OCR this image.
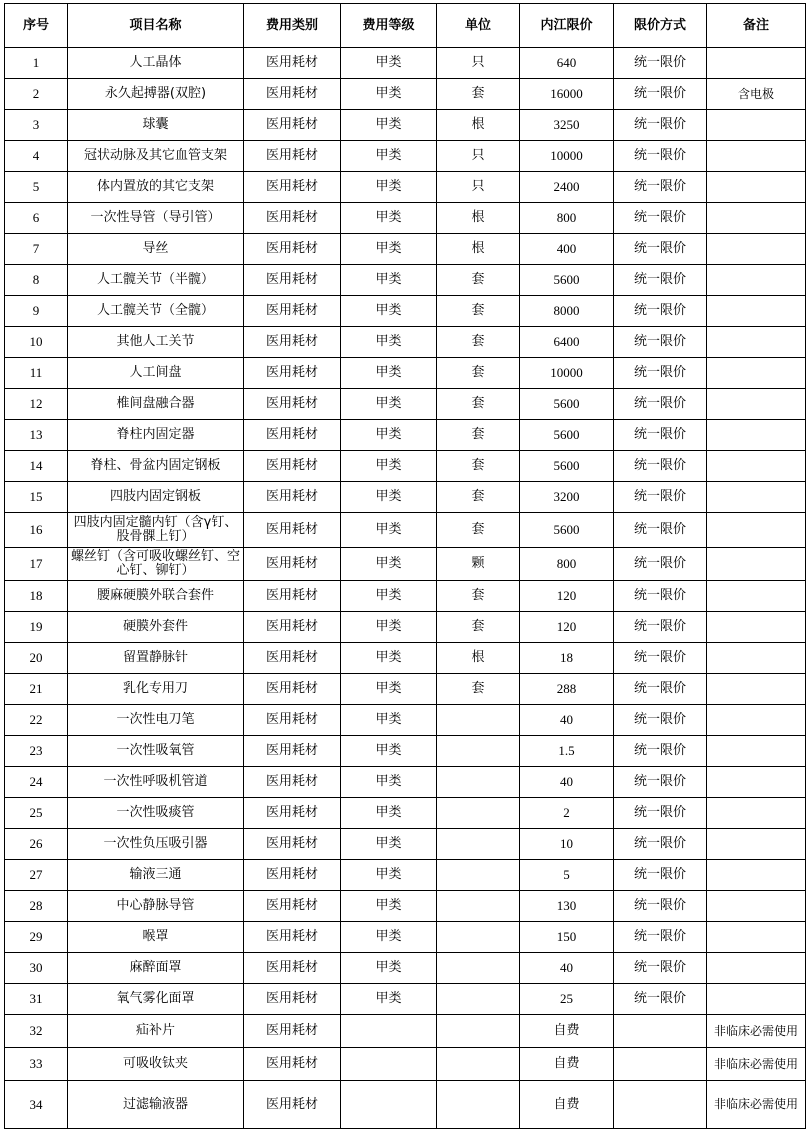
序号	项目名称	费用类别	费用等级	单位	内江限价	限价方式	备注
1	人工晶体	医用耗材	甲类	只	640	统一限价	
2	永久起搏器(双腔)	医用耗材	甲类	套	16000	统一限价	含电极
3	球囊	医用耗材	甲类	根	3250	统一限价	
4	冠状动脉及其它血管支架	医用耗材	甲类	只	10000	统一限价	
5	体内置放的其它支架	医用耗材	甲类	只	2400	统一限价	
6	一次性导管（导引管）	医用耗材	甲类	根	800	统一限价	
7	导丝	医用耗材	甲类	根	400	统一限价	
8	人工髋关节（半髋）	医用耗材	甲类	套	5600	统一限价	
9	人工髋关节（全髋）	医用耗材	甲类	套	8000	统一限价	
10	其他人工关节	医用耗材	甲类	套	6400	统一限价	
11	人工间盘	医用耗材	甲类	套	10000	统一限价	
12	椎间盘融合器	医用耗材	甲类	套	5600	统一限价	
13	脊柱内固定器	医用耗材	甲类	套	5600	统一限价	
14	脊柱、骨盆内固定钢板	医用耗材	甲类	套	5600	统一限价	
15	四肢内固定钢板	医用耗材	甲类	套	3200	统一限价	
16	四肢内固定髓内钉（含γ钉、股骨髁上钉）	医用耗材	甲类	套	5600	统一限价	
17	螺丝钉（含可吸收螺丝钉、空心钉、铆钉）	医用耗材	甲类	颗	800	统一限价	
18	腰麻硬膜外联合套件	医用耗材	甲类	套	120	统一限价	
19	硬膜外套件	医用耗材	甲类	套	120	统一限价	
20	留置静脉针	医用耗材	甲类	根	18	统一限价	
21	乳化专用刀	医用耗材	甲类	套	288	统一限价	
22	一次性电刀笔	医用耗材	甲类		40	统一限价	
23	一次性吸氧管	医用耗材	甲类		1.5	统一限价	
24	一次性呼吸机管道	医用耗材	甲类		40	统一限价	
25	一次性吸痰管	医用耗材	甲类		2	统一限价	
26	一次性负压吸引器	医用耗材	甲类		10	统一限价	
27	输液三通	医用耗材	甲类		5	统一限价	
28	中心静脉导管	医用耗材	甲类		130	统一限价	
29	喉罩	医用耗材	甲类		150	统一限价	
30	麻醉面罩	医用耗材	甲类		40	统一限价	
31	氧气雾化面罩	医用耗材	甲类		25	统一限价	
32	疝补片	医用耗材			自费		非临床必需使用
33	可吸收钛夹	医用耗材			自费		非临床必需使用
34	过滤输液器	医用耗材			自费		非临床必需使用
